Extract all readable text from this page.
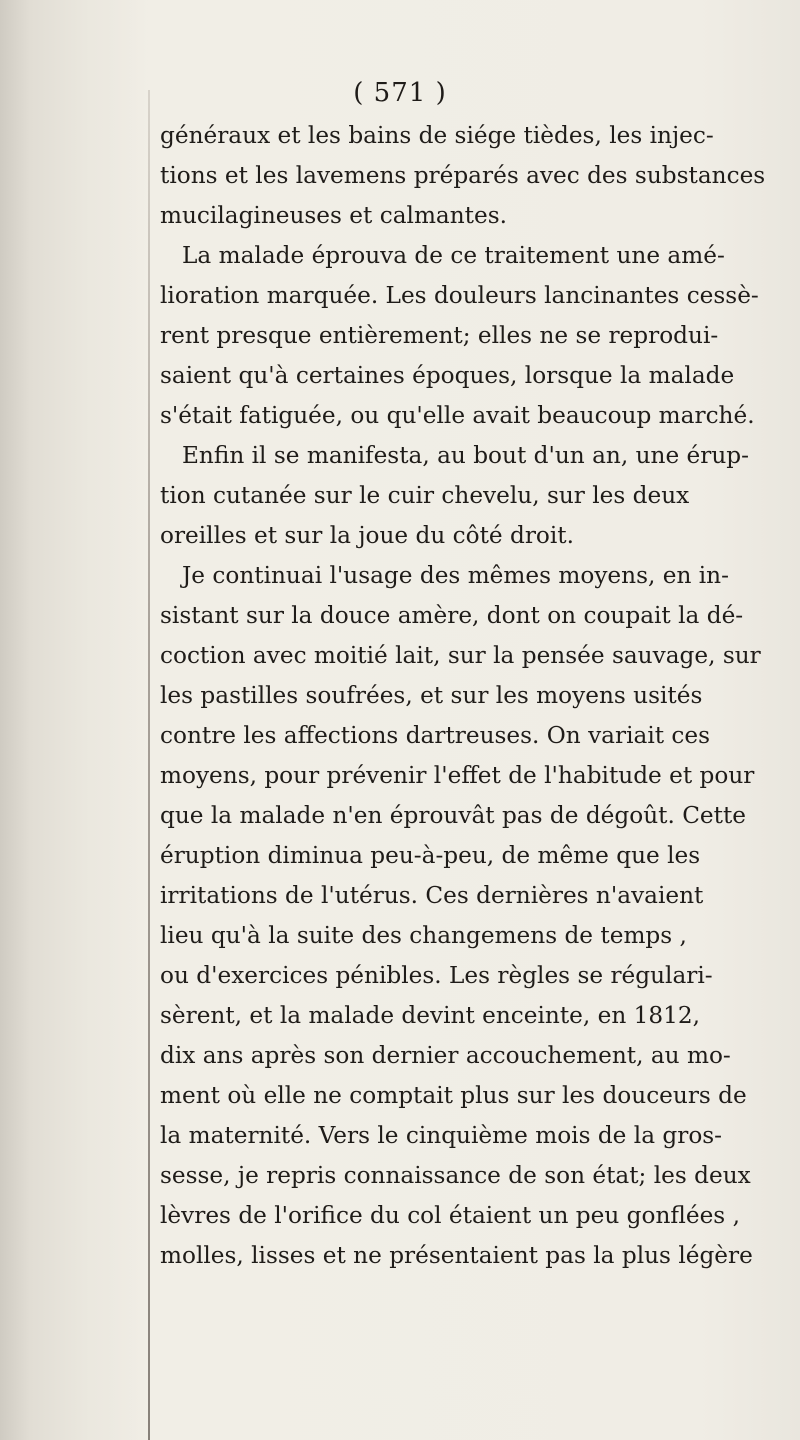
( 571 )
généraux et les bains de siége tièdes, les injec-
tions et les lavemens préparés avec des substances
mucilagineuses et calmantes.
La malade éprouva de ce traitement une amé-
lioration marquée. Les douleurs lancinantes cessè-
rent presque entièrement; elles ne se reprodui-
saient qu'à certaines époques, lorsque la malade
s'était fatiguée, ou qu'elle avait beaucoup marché.
Enfin il se manifesta, au bout d'un an, une érup-
tion cutanée sur le cuir chevelu, sur les deux
oreilles et sur la joue du côté droit.
Je continuai l'usage des mêmes moyens, en in-
sistant sur la douce amère, dont on coupait la dé-
coction avec moitié lait, sur la pensée sauvage, sur
les pastilles soufrées, et sur les moyens usités
contre les affections dartreuses. On variait ces
moyens, pour prévenir l'effet de l'habitude et pour
que la malade n'en éprouvât pas de dégoût. Cette
éruption diminua peu-à-peu, de même que les
irritations de l'utérus. Ces dernières n'avaient
lieu qu'à la suite des changemens de temps ,
ou d'exercices pénibles. Les règles se régulari-
sèrent, et la malade devint enceinte, en 1812,
dix ans après son dernier accouchement, au mo-
ment où elle ne comptait plus sur les douceurs de
la maternité. Vers le cinquième mois de la gros-
sesse, je repris connaissance de son état; les deux
lèvres de l'orifice du col étaient un peu gonflées ,
molles, lisses et ne présentaient pas la plus légère
